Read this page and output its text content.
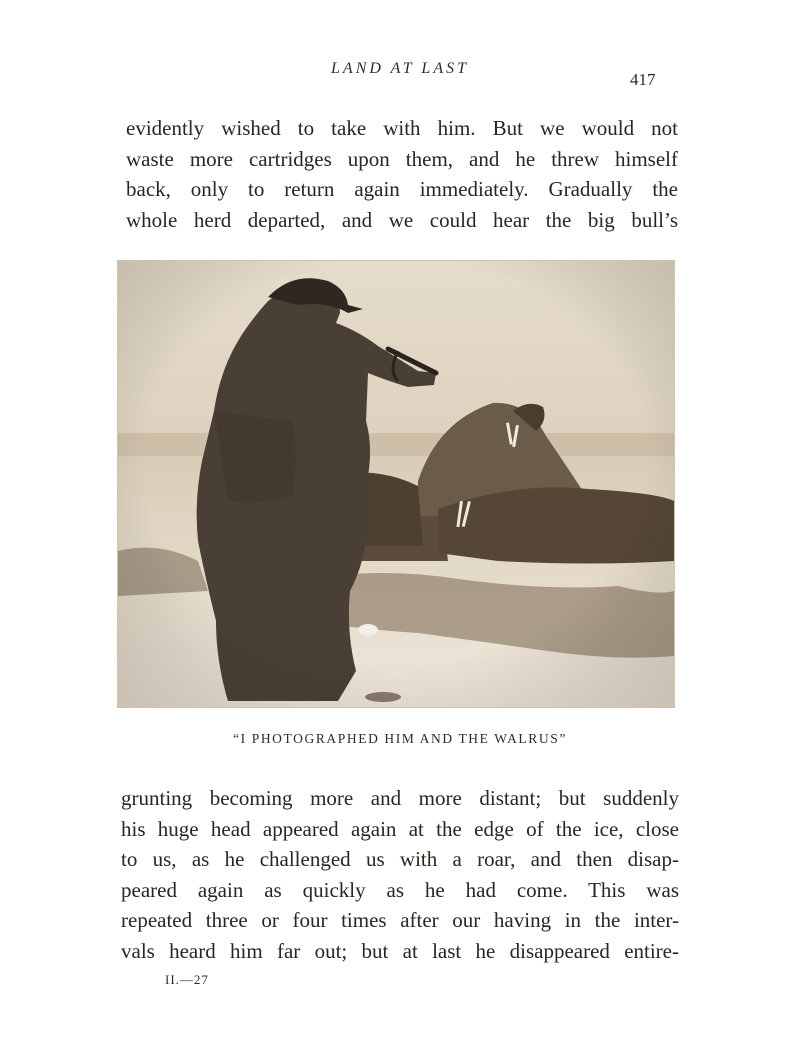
LAND AT LAST
417
evidently wished to take with him. But we would not
waste more cartridges upon them, and he threw himself
back, only to return again immediately. Gradually the
whole herd departed, and we could hear the big bull’s
“I PHOTOGRAPHED HIM AND THE WALRUS”
grunting becoming more and more distant; but suddenly
his huge head appeared again at the edge of the ice, close
to us, as he challenged us with a roar, and then disap-
peared again as quickly as he had come. This was
repeated three or four times after our having in the inter-
vals heard him far out; but at last he disappeared entire-
II.—27
